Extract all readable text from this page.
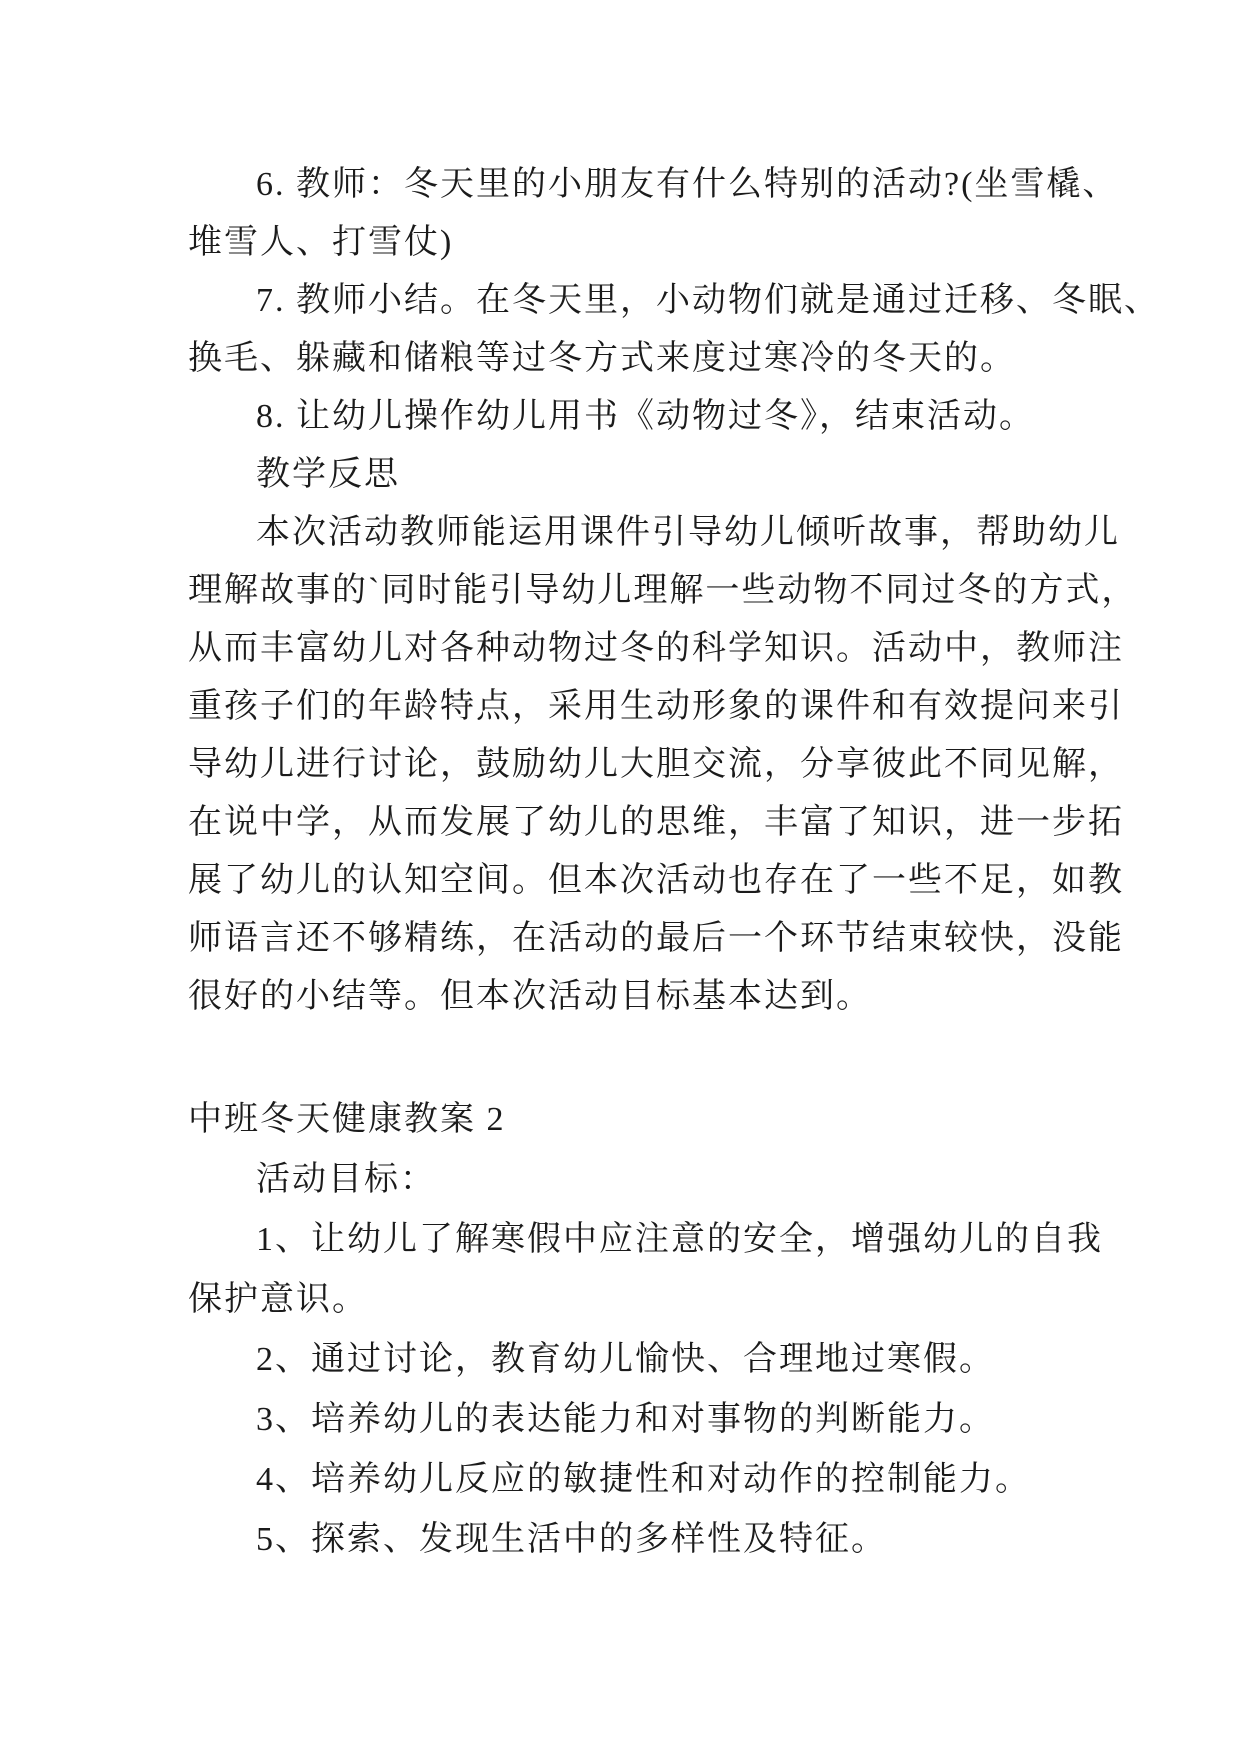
6. 教师：冬天里的小朋友有什么特别的活动?(坐雪橇、
堆雪人、打雪仗)
7. 教师小结。在冬天里，小动物们就是通过迁移、冬眠、
换毛、躲藏和储粮等过冬方式来度过寒冷的冬天的。
8. 让幼儿操作幼儿用书《动物过冬》，结束活动。
教学反思
本次活动教师能运用课件引导幼儿倾听故事，帮助幼儿
理解故事的`同时能引导幼儿理解一些动物不同过冬的方式，
从而丰富幼儿对各种动物过冬的科学知识。活动中，教师注
重孩子们的年龄特点，采用生动形象的课件和有效提问来引
导幼儿进行讨论，鼓励幼儿大胆交流，分享彼此不同见解，
在说中学，从而发展了幼儿的思维，丰富了知识，进一步拓
展了幼儿的认知空间。但本次活动也存在了一些不足，如教
师语言还不够精练，在活动的最后一个环节结束较快，没能
很好的小结等。但本次活动目标基本达到。
中班冬天健康教案 2
活动目标：
1、让幼儿了解寒假中应注意的安全，增强幼儿的自我
保护意识。
2、通过讨论，教育幼儿愉快、合理地过寒假。
3、培养幼儿的表达能力和对事物的判断能力。
4、培养幼儿反应的敏捷性和对动作的控制能力。
5、探索、发现生活中的多样性及特征。
